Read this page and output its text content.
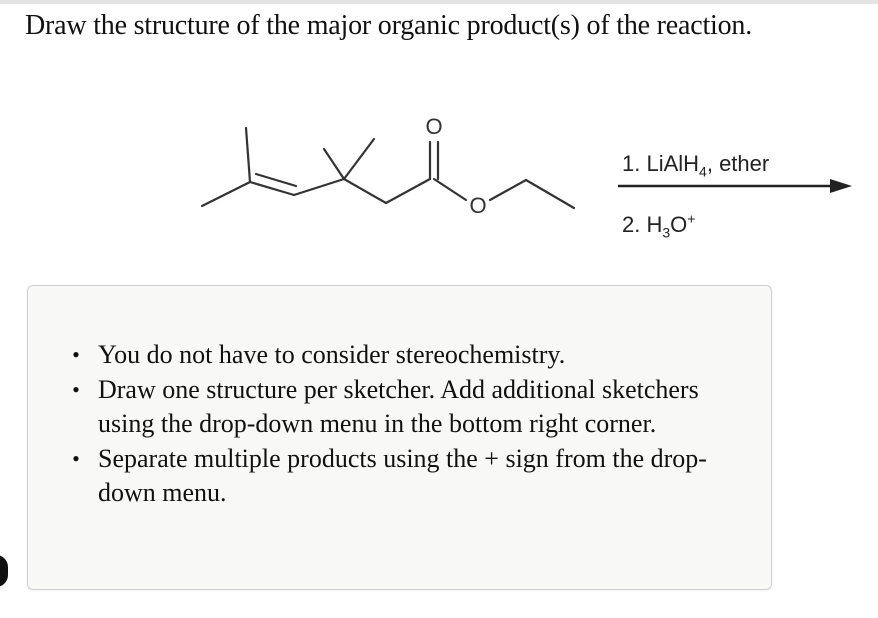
Draw the structure of the major organic product(s) of the reaction.
O
O
1. LiAlH$_4$, ether
2. $H_3O^+$
• You do not have to consider stereochemistry.
• Draw one structure per sketcher. Add additional sketchers using the drop-down menu in the bottom right corner.
• Separate multiple products using the + sign from the drop-down menu.
